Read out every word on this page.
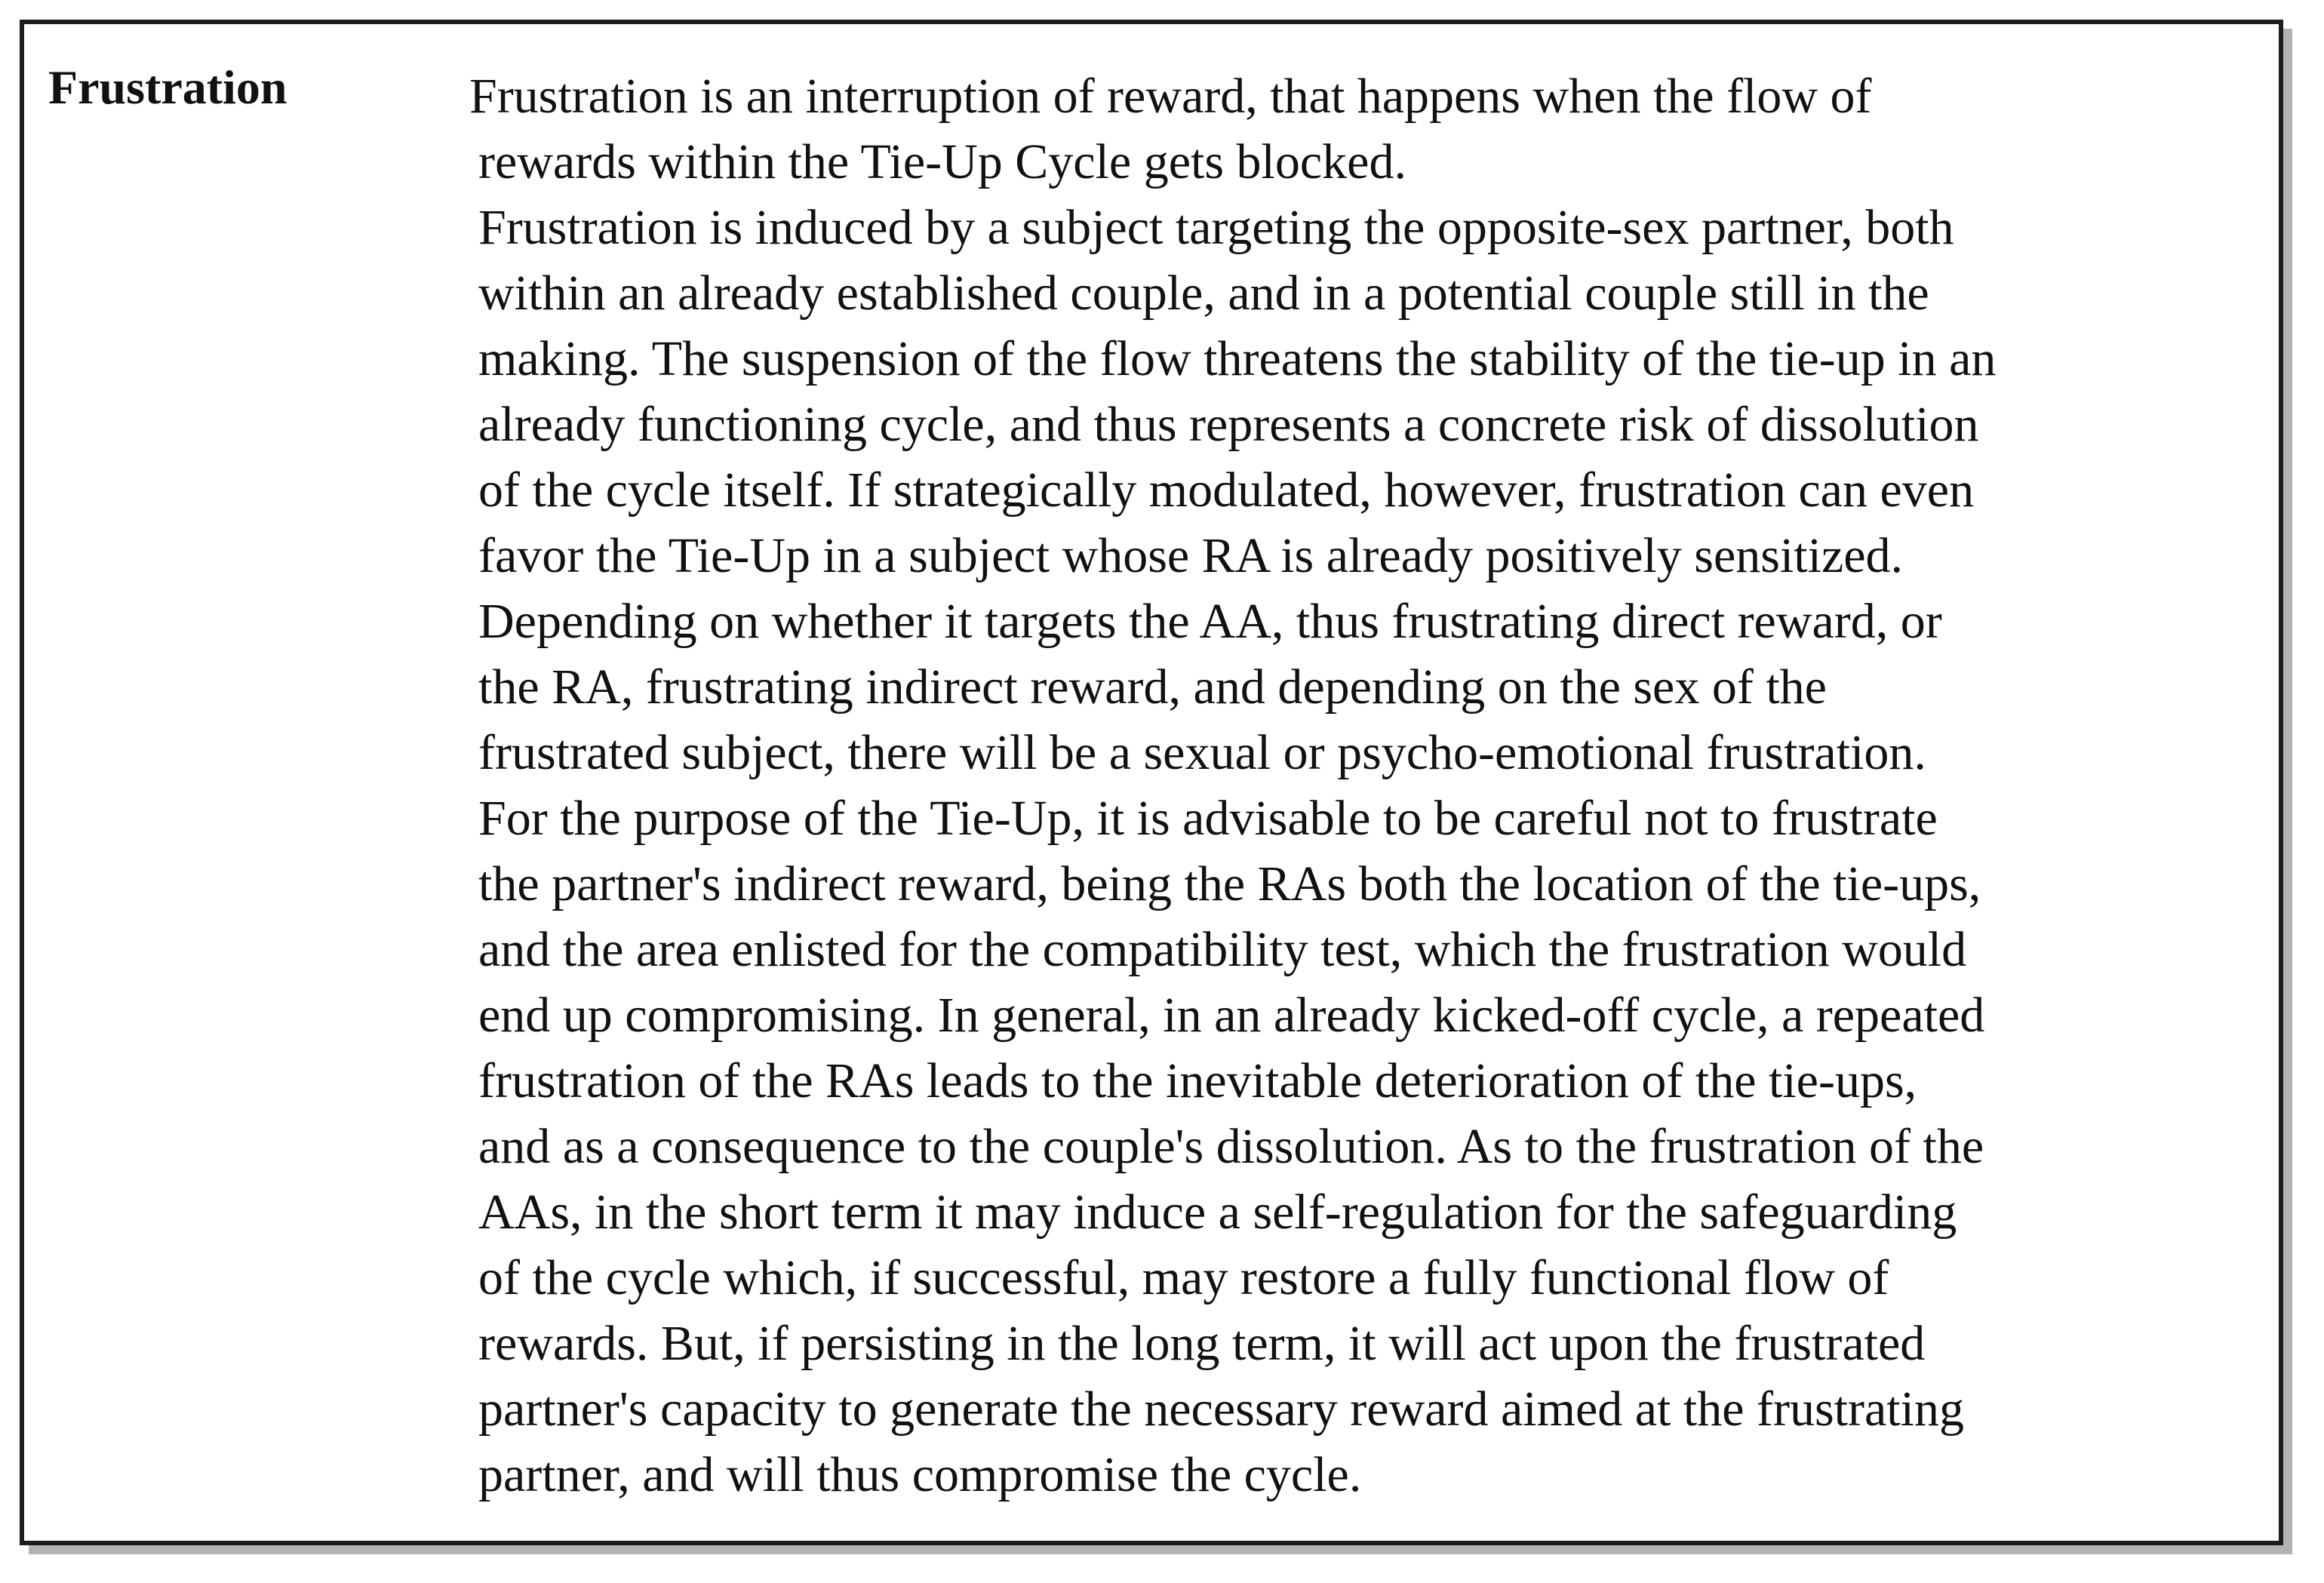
Frustration	Frustration is an interruption of reward, that happens when the flow of
rewards within the Tie-Up Cycle gets blocked.
Frustration is induced by a subject targeting the opposite-sex partner, both
within an already established couple, and in a potential couple still in the
making. The suspension of the flow threatens the stability of the tie-up in an
already functioning cycle, and thus represents a concrete risk of dissolution
of the cycle itself. If strategically modulated, however, frustration can even
favor the Tie-Up in a subject whose RA is already positively sensitized.
Depending on whether it targets the AA, thus frustrating direct reward, or
the RA, frustrating indirect reward, and depending on the sex of the
frustrated subject, there will be a sexual or psycho-emotional frustration.
For the purpose of the Tie-Up, it is advisable to be careful not to frustrate
the partner's indirect reward, being the RAs both the location of the tie-ups,
and the area enlisted for the compatibility test, which the frustration would
end up compromising. In general, in an already kicked-off cycle, a repeated
frustration of the RAs leads to the inevitable deterioration of the tie-ups,
and as a consequence to the couple's dissolution. As to the frustration of the
AAs, in the short term it may induce a self-regulation for the safeguarding
of the cycle which, if successful, may restore a fully functional flow of
rewards. But, if persisting in the long term, it will act upon the frustrated
partner's capacity to generate the necessary reward aimed at the frustrating
partner, and will thus compromise the cycle.
